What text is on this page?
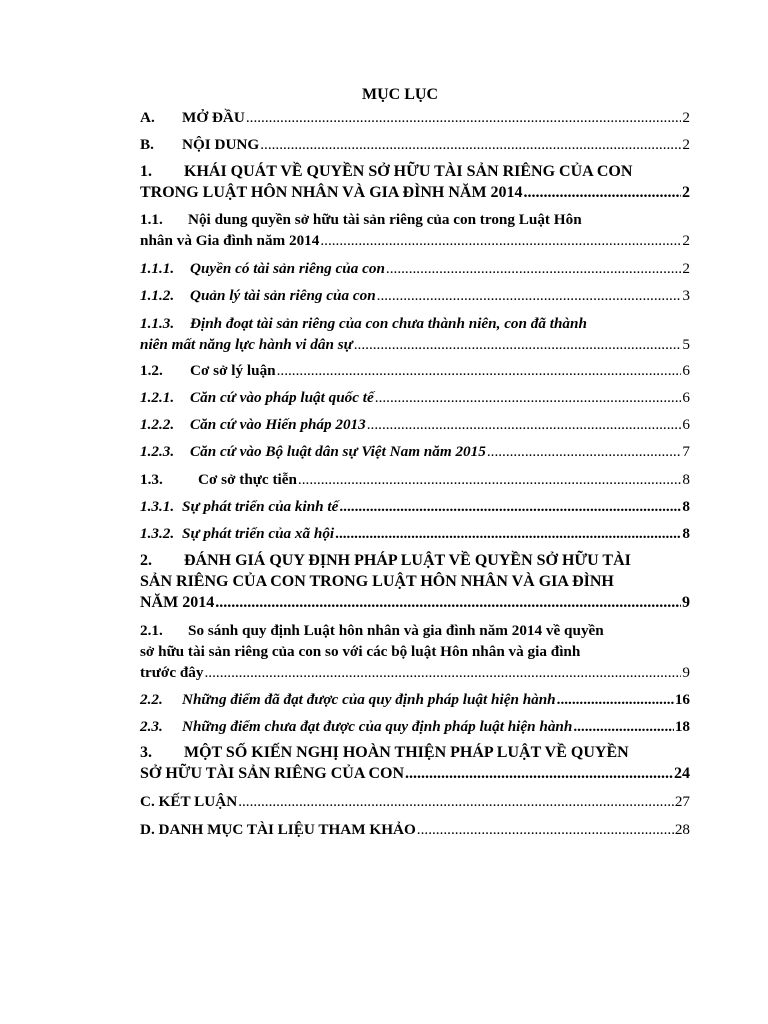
MỤC LỤC
A.	MỞ ĐẦU .....	2
B.	NỘI DUNG .....	2
1.	KHÁI QUÁT VỀ QUYỀN SỞ HỮU TÀI SẢN RIÊNG CỦA CON
TRONG LUẬT HÔN NHÂN VÀ GIA ĐÌNH NĂM 2014 .....	2
1.1.	Nội dung quyền sở hữu tài sản riêng của con trong Luật Hôn
nhân và Gia đình năm 2014 .....	2
1.1.1.	Quyền có tài sản riêng của con .....	2
1.1.2.	Quản lý tài sản riêng của con .....	3
1.1.3.	Định đoạt tài sản riêng của con chưa thành niên, con đã thành
niên mất năng lực hành vi dân sự .....	5
1.2.	Cơ sở lý luận .....	6
1.2.1.	Căn cứ vào pháp luật quốc tế .....	6
1.2.2.	Căn cứ vào Hiến pháp 2013 .....	6
1.2.3.	Căn cứ vào Bộ luật dân sự Việt Nam năm 2015 .....	7
1.3.	Cơ sở thực tiễn .....	8
1.3.1. Sự phát triển của kinh tế .....	8
1.3.2. Sự phát triển của xã hội .....	8
2.	ĐÁNH GIÁ QUY ĐỊNH PHÁP LUẬT VỀ QUYỀN SỞ HỮU TÀI
SẢN RIÊNG CỦA CON TRONG LUẬT HÔN NHÂN VÀ GIA ĐÌNH
NĂM 2014 .....	9
2.1.	So sánh quy định Luật hôn nhân và gia đình năm 2014 về quyền
sở hữu tài sản riêng của con so với các bộ luật Hôn nhân và gia đình
trước đây .....	9
2.2.	Những điểm đã đạt được của quy định pháp luật hiện hành .....	16
2.3.	Những điểm chưa đạt được của quy định pháp luật hiện hành .....	18
3.	MỘT SỐ KIẾN NGHỊ HOÀN THIỆN PHÁP LUẬT VỀ QUYỀN
SỞ HỮU TÀI SẢN RIÊNG CỦA CON .....	24
C. KẾT LUẬN .....	27
D. DANH MỤC TÀI LIỆU THAM KHẢO .....	28
